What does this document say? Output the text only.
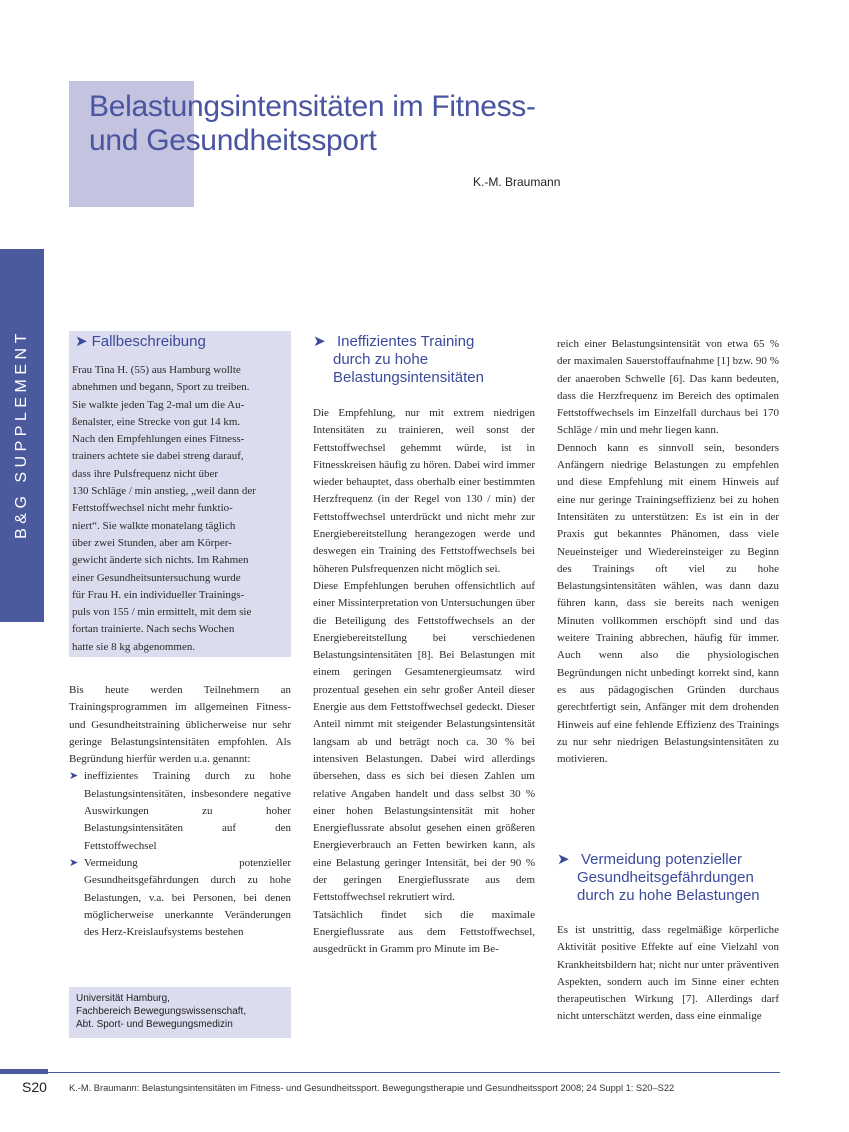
Belastungsintensitäten im Fitness-
und Gesundheitssport
K.-M. Braumann
B&G SUPPLEMENT	➤ Fallbeschreibung

Frau Tina H. (55) aus Hamburg wollte

abnehmen und begann, Sport zu treiben.

Sie walkte jeden Tag 2-mal um die Au-

ßenalster, eine Strecke von gut 14 km.

Nach den Empfehlungen eines Fitness-

trainers achtete sie dabei streng darauf,

dass ihre Pulsfrequenz nicht über

130 Schläge / min anstieg, „weil dann der

Fettstoffwechsel nicht mehr funktio-

niert“. Sie walkte monatelang täglich

über zwei Stunden, aber am Körper-

gewicht änderte sich nichts. Im Rahmen

einer Gesundheitsuntersuchung wurde

für Frau H. ein individueller Trainings-

puls von 155 / min ermittelt, mit dem sie

fortan trainierte. Nach sechs Wochen

hatte sie 8 kg abgenommen.

Bis heute werden Teilnehmern an Trainingsprogrammen im allgemeinen Fitness- und Gesundheitstraining üblicherweise nur sehr geringe Belastungsintensitäten empfohlen. Als Begründung hierfür werden u.a. genannt:

➤ ineffizientes Training durch zu hohe Belastungsintensitäten, insbesondere negative Auswirkungen zu hoher Belastungsintensitäten auf den Fettstoffwechsel
➤ Vermeidung potenzieller Gesundheitsgefährdungen durch zu hohe Belastungen, v.a. bei Personen, bei denen möglicherweise unerkannte Veränderungen des Herz-Kreislaufsystems bestehen
Universität Hamburg,
Fachbereich Bewegungswissenschaft,
Abt. Sport- und Bewegungsmedizin
➤ Ineffizientes Training
durch zu hohe
Belastungsintensitäten

Die Empfehlung, nur mit extrem niedrigen Intensitäten zu trainieren, weil sonst der Fettstoffwechsel gehemmt würde, ist in Fitnesskreisen häufig zu hören. Dabei wird immer wieder behauptet, dass oberhalb einer bestimmten Herzfrequenz (in der Regel von 130 / min) der Fettstoffwechsel unterdrückt und nicht mehr zur Energiebereitstellung herangezogen werde und deswegen ein Training des Fettstoffwechsels bei höheren Pulsfrequenzen nicht möglich sei.

Diese Empfehlungen beruhen offensichtlich auf einer Missinterpretation von Untersuchungen über die Beteiligung des Fettstoffwechsels an der Energiebereitstellung bei verschiedenen Belastungsintensitäten [8]. Bei Belastungen mit einem geringen Gesamtenergieumsatz wird prozentual gesehen ein sehr großer Anteil dieser Energie aus dem Fettstoffwechsel gedeckt. Dieser Anteil nimmt mit steigender Belastungsintensität langsam ab und beträgt noch ca. 30 % bei intensiven Belastungen. Dabei wird allerdings übersehen, dass es sich bei diesen Zahlen um relative Angaben handelt und dass selbst 30 % einer hohen Belastungsintensität mit hoher Energieflussrate absolut gesehen einen größeren Energieverbrauch an Fetten bewirken kann, als eine Belastung geringer Intensität, bei der 90 % der geringen Energieflussrate aus dem Fettstoffwechsel rekrutiert wird.

Tatsächlich findet sich die maximale Energieflussrate aus dem Fettstoffwechsel, ausgedrückt in Gramm pro Minute im Be-

reich einer Belastungsintensität von etwa 65 % der maximalen Sauerstoffaufnahme [1] bzw. 90 % der anaeroben Schwelle [6]. Das kann bedeuten, dass die Herzfrequenz im Bereich des optimalen Fettstoffwechsels im Einzelfall durchaus bei 170 Schläge / min und mehr liegen kann.

Dennoch kann es sinnvoll sein, besonders Anfängern niedrige Belastungen zu empfehlen und diese Empfehlung mit einem Hinweis auf eine nur geringe Trainingseffizienz bei zu hohen Intensitäten zu unterstützen: Es ist ein in der Praxis gut bekanntes Phänomen, dass viele Neueinsteiger und Wiedereinsteiger zu Beginn des Trainings oft viel zu hohe Belastungsintensitäten wählen, was dann dazu führen kann, dass sie bereits nach wenigen Minuten vollkommen erschöpft sind und das weitere Training abbrechen, häufig für immer. Auch wenn also die physiologischen Begründungen nicht unbedingt korrekt sind, kann es aus pädagogischen Gründen durchaus gerechtfertigt sein, Anfänger mit dem drohenden Hinweis auf eine fehlende Effizienz des Trainings zu nur sehr niedrigen Belastungsintensitäten zu motivieren.

➤ Vermeidung potenzieller
Gesundheitsgefährdungen
durch zu hohe Belastungen

Es ist unstrittig, dass regelmäßige körperliche Aktivität positive Effekte auf eine Vielzahl von Krankheitsbildern hat; nicht nur unter präventiven Aspekten, sondern auch im Sinne einer echten therapeutischen Wirkung [7]. Allerdings darf nicht unterschätzt werden, dass eine einmalige

S20 K.-M. Braumann: Belastungsintensitäten im Fitness- und Gesundheitssport. Bewegungstherapie und Gesundheitssport 2008; 24 Suppl 1: S20–S22
